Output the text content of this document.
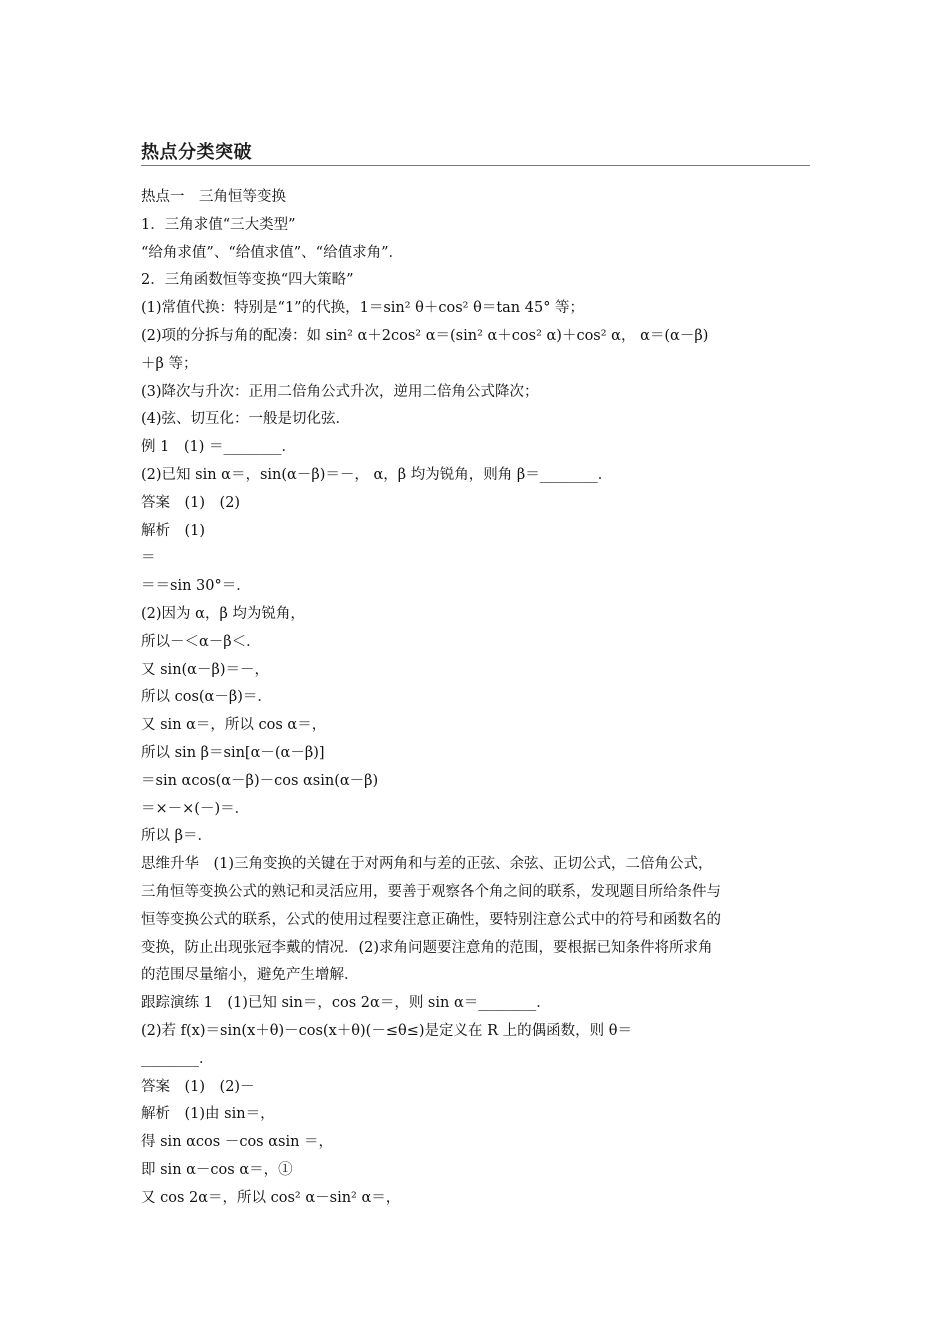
热点分类突破
热点一　三角恒等变换
1．三角求值“三大类型”
“给角求值”、“给值求值”、“给值求角”．
2．三角函数恒等变换“四大策略”
(1)常值代换：特别是“1”的代换，1＝sin² θ＋cos² θ＝tan 45° 等；
(2)项的分拆与角的配凑：如 sin² α＋2cos² α＝(sin² α＋cos² α)＋cos² α， α＝(α－β)
＋β 等；
(3)降次与升次：正用二倍角公式升次，逆用二倍角公式降次；
(4)弦、切互化：一般是切化弦．
例 1　(1) ＝________．
(2)已知 sin α＝，sin(α－β)＝－， α，β 均为锐角，则角 β＝________．
答案　(1)　(2)
解析　(1)
＝
＝＝sin 30°＝．
(2)因为 α，β 均为锐角，
所以－＜α－β＜．
又 sin(α－β)＝－，
所以 cos(α－β)＝．
又 sin α＝，所以 cos α＝，
所以 sin β＝sin[α－(α－β)]
＝sin αcos(α－β)－cos αsin(α－β)
＝×－×(－)＝．
所以 β＝．
思维升华　(1)三角变换的关键在于对两角和与差的正弦、余弦、正切公式，二倍角公式，
三角恒等变换公式的熟记和灵活应用，要善于观察各个角之间的联系，发现题目所给条件与
恒等变换公式的联系，公式的使用过程要注意正确性，要特别注意公式中的符号和函数名的
变换，防止出现张冠李戴的情况．(2)求角问题要注意角的范围，要根据已知条件将所求角
的范围尽量缩小，避免产生增解．
跟踪演练 1　(1)已知 sin＝，cos 2α＝，则 sin α＝________．
(2)若 f(x)＝sin(x＋θ)－cos(x＋θ)(－≤θ≤)是定义在 R 上的偶函数，则 θ＝
________．
答案　(1)　(2)－
解析　(1)由 sin＝，
得 sin αcos －cos αsin ＝，
即 sin α－cos α＝，①
又 cos 2α＝，所以 cos² α－sin² α＝，
